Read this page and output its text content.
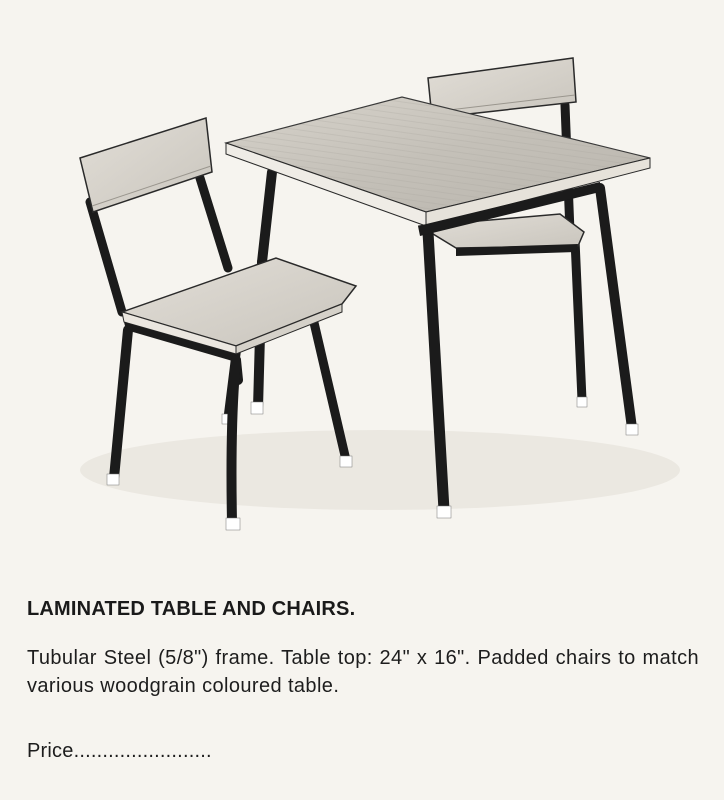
LAMINATED TABLE AND CHAIRS.
Tubular Steel (5/8") frame. Table top: 24" x 16". Padded chairs to match various woodgrain coloured table.
Price........................
